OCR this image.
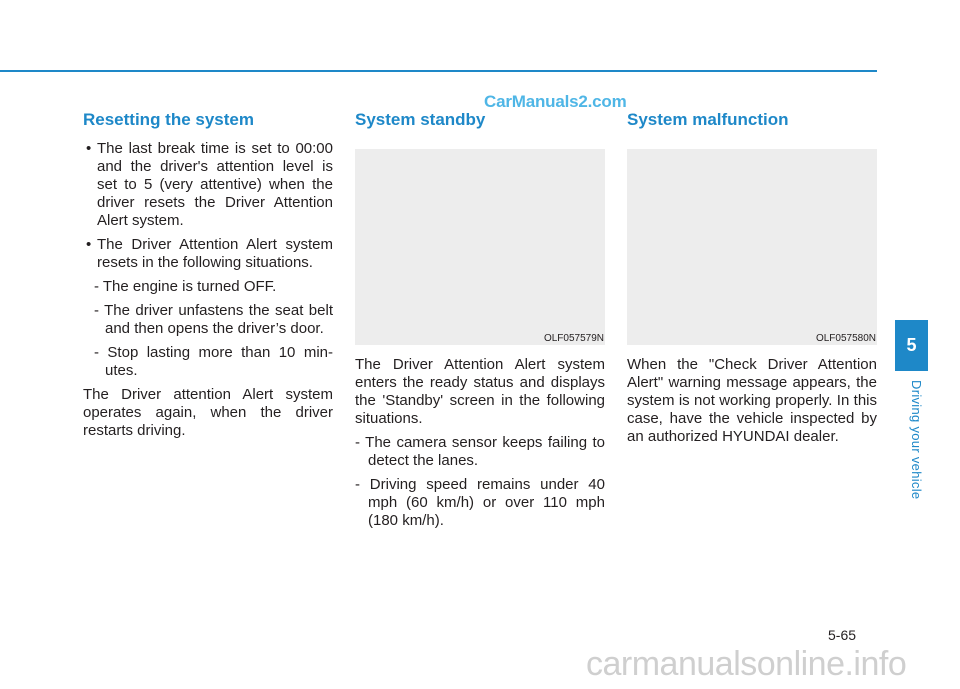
CarManuals2.com
Resetting the system

• The last break time is set to 00:00 and the driver's attention level is set to 5 (very attentive) when the driver resets the Driver Attention Alert system.

• The Driver Attention Alert system resets in the following situations.

- The engine is turned OFF.

- The driver unfastens the seat belt and then opens the driver’s door.

- Stop lasting more than 10 min-utes.

The Driver attention Alert system operates again, when the driver restarts driving.

System standby
OLF057579N

The Driver Attention Alert system enters the ready status and displays the 'Standby' screen in the following situations.

- The camera sensor keeps failing to detect the lanes.

- Driving speed remains under 40 mph (60 km/h) or over 110 mph (180 km/h).

System malfunction
OLF057580N

When the "Check Driver Attention Alert" warning message appears, the system is not working properly. In this case, have the vehicle inspected by an authorized HYUNDAI dealer.

5
Driving your vehicle
5-65
carmanualsonline.info
